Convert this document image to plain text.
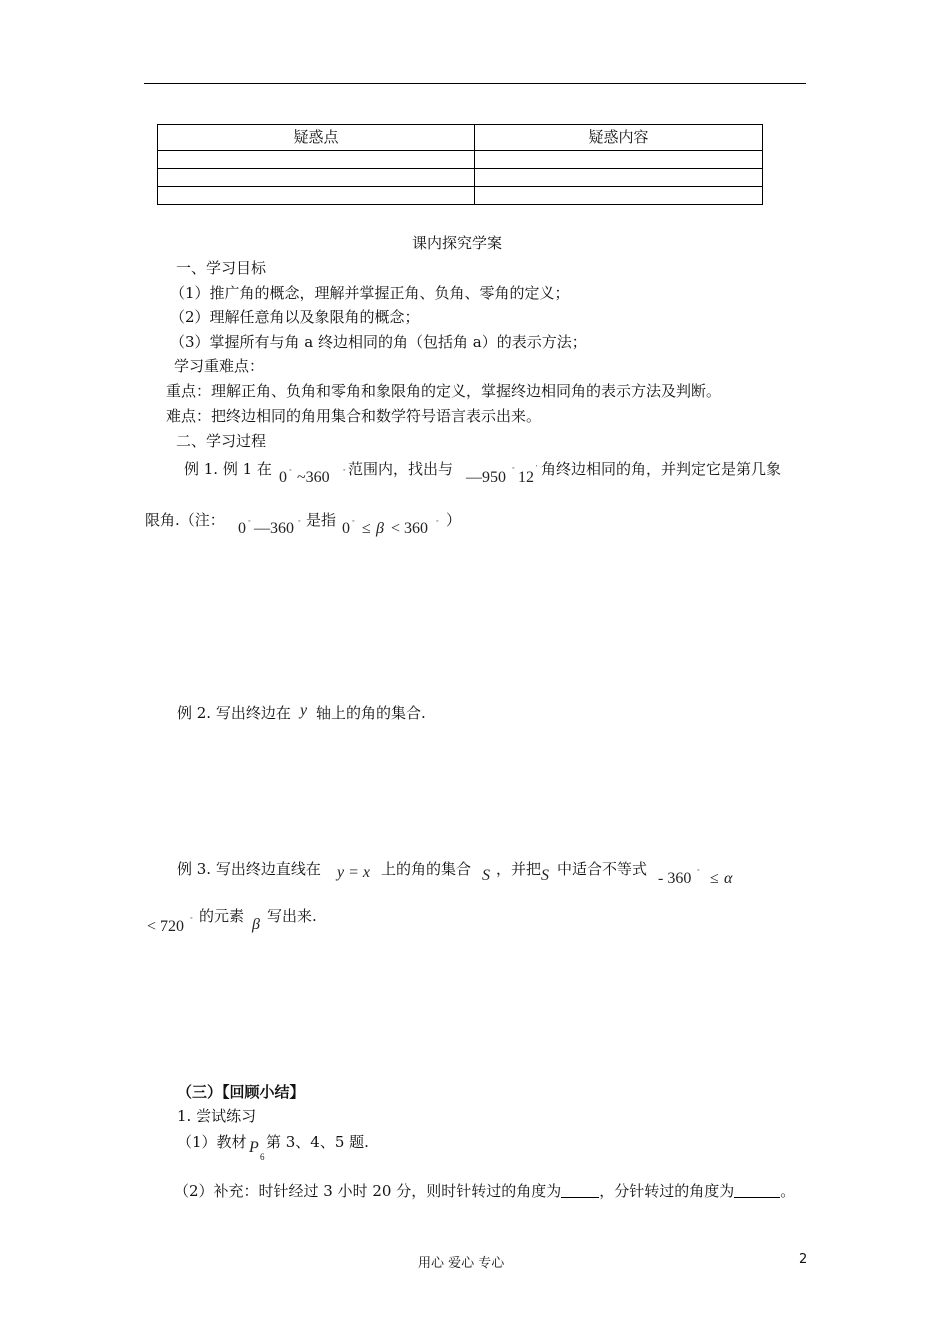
疑惑点	疑惑内容

课内探究学案
一、学习目标
（1）推广角的概念，理解并掌握正角、负角、零角的定义；
（2）理解任意角以及象限角的概念；
（3）掌握所有与角 a 终边相同的角（包括角 a）的表示方法；
学习重难点：
重点：理解正角、负角和零角和象限角的定义，掌握终边相同角的表示方法及判断。
难点：把终边相同的角用集合和数学符号语言表示出来。
二、学习过程
例 1. 例 1 在 0 ◦ ~360 ◦ 范围内，找出与 —950
◦
12
′ 角终边相同的角，并判定它是第几象
限角.（注： 0 ◦ —360 ◦ 是指 0 ◦ ≤ β < 360 ◦ ）
例 2. 写出终边在 y 轴上的角的集合.
例 3. 写出终边直线在 y = x 上的角的集合 S ，并把 S 中适合不等式
- 360 ◦ ≤ α
< 720 ◦ 的元素 β 写出来.
（三）【回顾小结】
1. 尝试练习
（1）教材 P
6
第 3、4、5 题.
（2）补充：时针经过 3 小时 20 分，则时针转过的角度为	，分针转过的角度为	。
用心 爱心 专心	2
